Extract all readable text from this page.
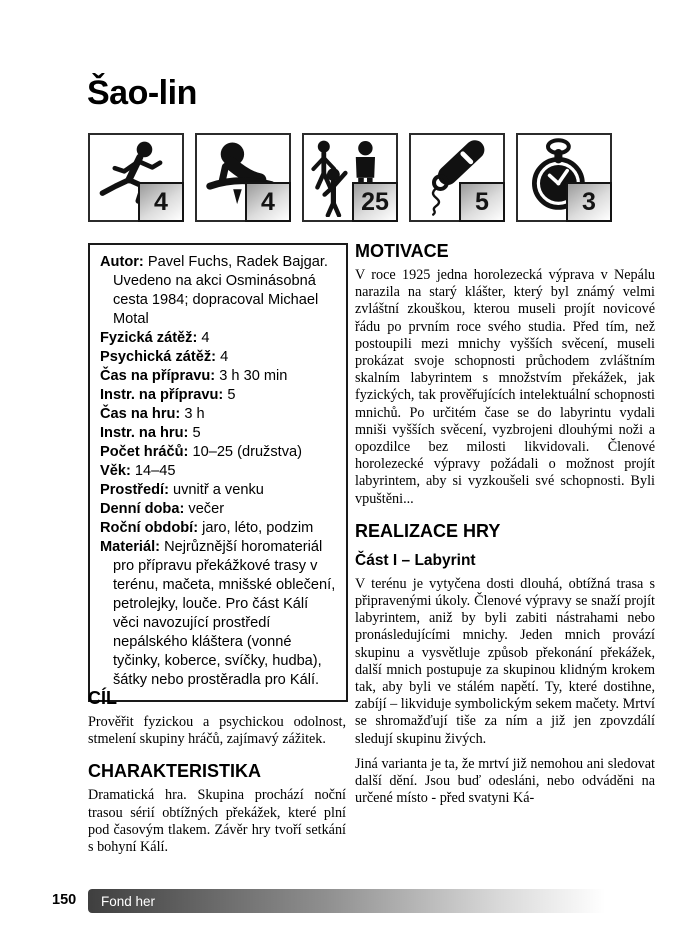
Šao-lin
4	4	25	5	3
Autor: Pavel Fuchs, Radek Bajgar. Uvedeno na akci Osminásobná cesta 1984; dopracoval Michael Motal
Fyzická zátěž: 4
Psychická zátěž: 4
Čas na přípravu: 3 h 30 min
Instr. na přípravu: 5
Čas na hru: 3 h
Instr. na hru: 5
Počet hráčů: 10–25 (družstva)
Věk: 14–45
Prostředí: uvnitř a venku
Denní doba: večer
Roční období: jaro, léto, podzim
Materiál: Nejrůznější horomateriál pro přípravu překážkové trasy v terénu, mačeta, mnišské oblečení, petrolejky, louče. Pro část Kálí věci navozující prostředí nepálského kláštera (vonné tyčinky, koberce, svíčky, hudba), šátky nebo prostěradla pro Kálí.
CÍL

Prověřit fyzickou a psychickou odolnost, stmelení skupiny hráčů, zajímavý zážitek.

CHARAKTERISTIKA

Dramatická hra. Skupina prochází noční trasou sérií obtížných překážek, které plní pod časovým tlakem. Závěr hry tvoří setkání s bohyní Kálí.

MOTIVACE

V roce 1925 jedna horolezecká výprava v Nepálu narazila na starý klášter, který byl známý velmi zvláštní zkouškou, kterou museli projít novicové řádu po prvním roce svého studia. Před tím, než postoupili mezi mnichy vyšších svěcení, museli prokázat svoje schopnosti průchodem zvláštním skalním labyrintem s množstvím překážek, jak fyzických, tak prověřujících intelektuální schopnosti mnichů. Po určitém čase se do labyrintu vydali mniši vyšších svěcení, vyzbrojeni dlouhými noži a opozdilce bez milosti likvidovali. Členové horolezecké výpravy požádali o možnost projít labyrintem, aby si vyzkoušeli své schopnosti. Byli vpuštěni...

REALIZACE HRY
Část I – Labyrint

V terénu je vytyčena dosti dlouhá, obtížná trasa s připravenými úkoly. Členové výpravy se snaží projít labyrintem, aniž by byli zabiti nástrahami nebo pronásledujícími mnichy. Jeden mnich provází skupinu a vysvětluje způsob překonání překážek, další mnich postupuje za skupinou klidným krokem tak, aby byli ve stálém napětí. Ty, které dostihne, zabíjí – likviduje symbolickým sekem mačety. Mrtví se shromažďují tiše za ním a již jen zpovzdálí sledují skupinu živých.

Jiná varianta je ta, že mrtví již nemohou ani sledovat další dění. Jsou buď odesláni, nebo odváděni na určené místo - před svatyni Ká-

150	Fond her
